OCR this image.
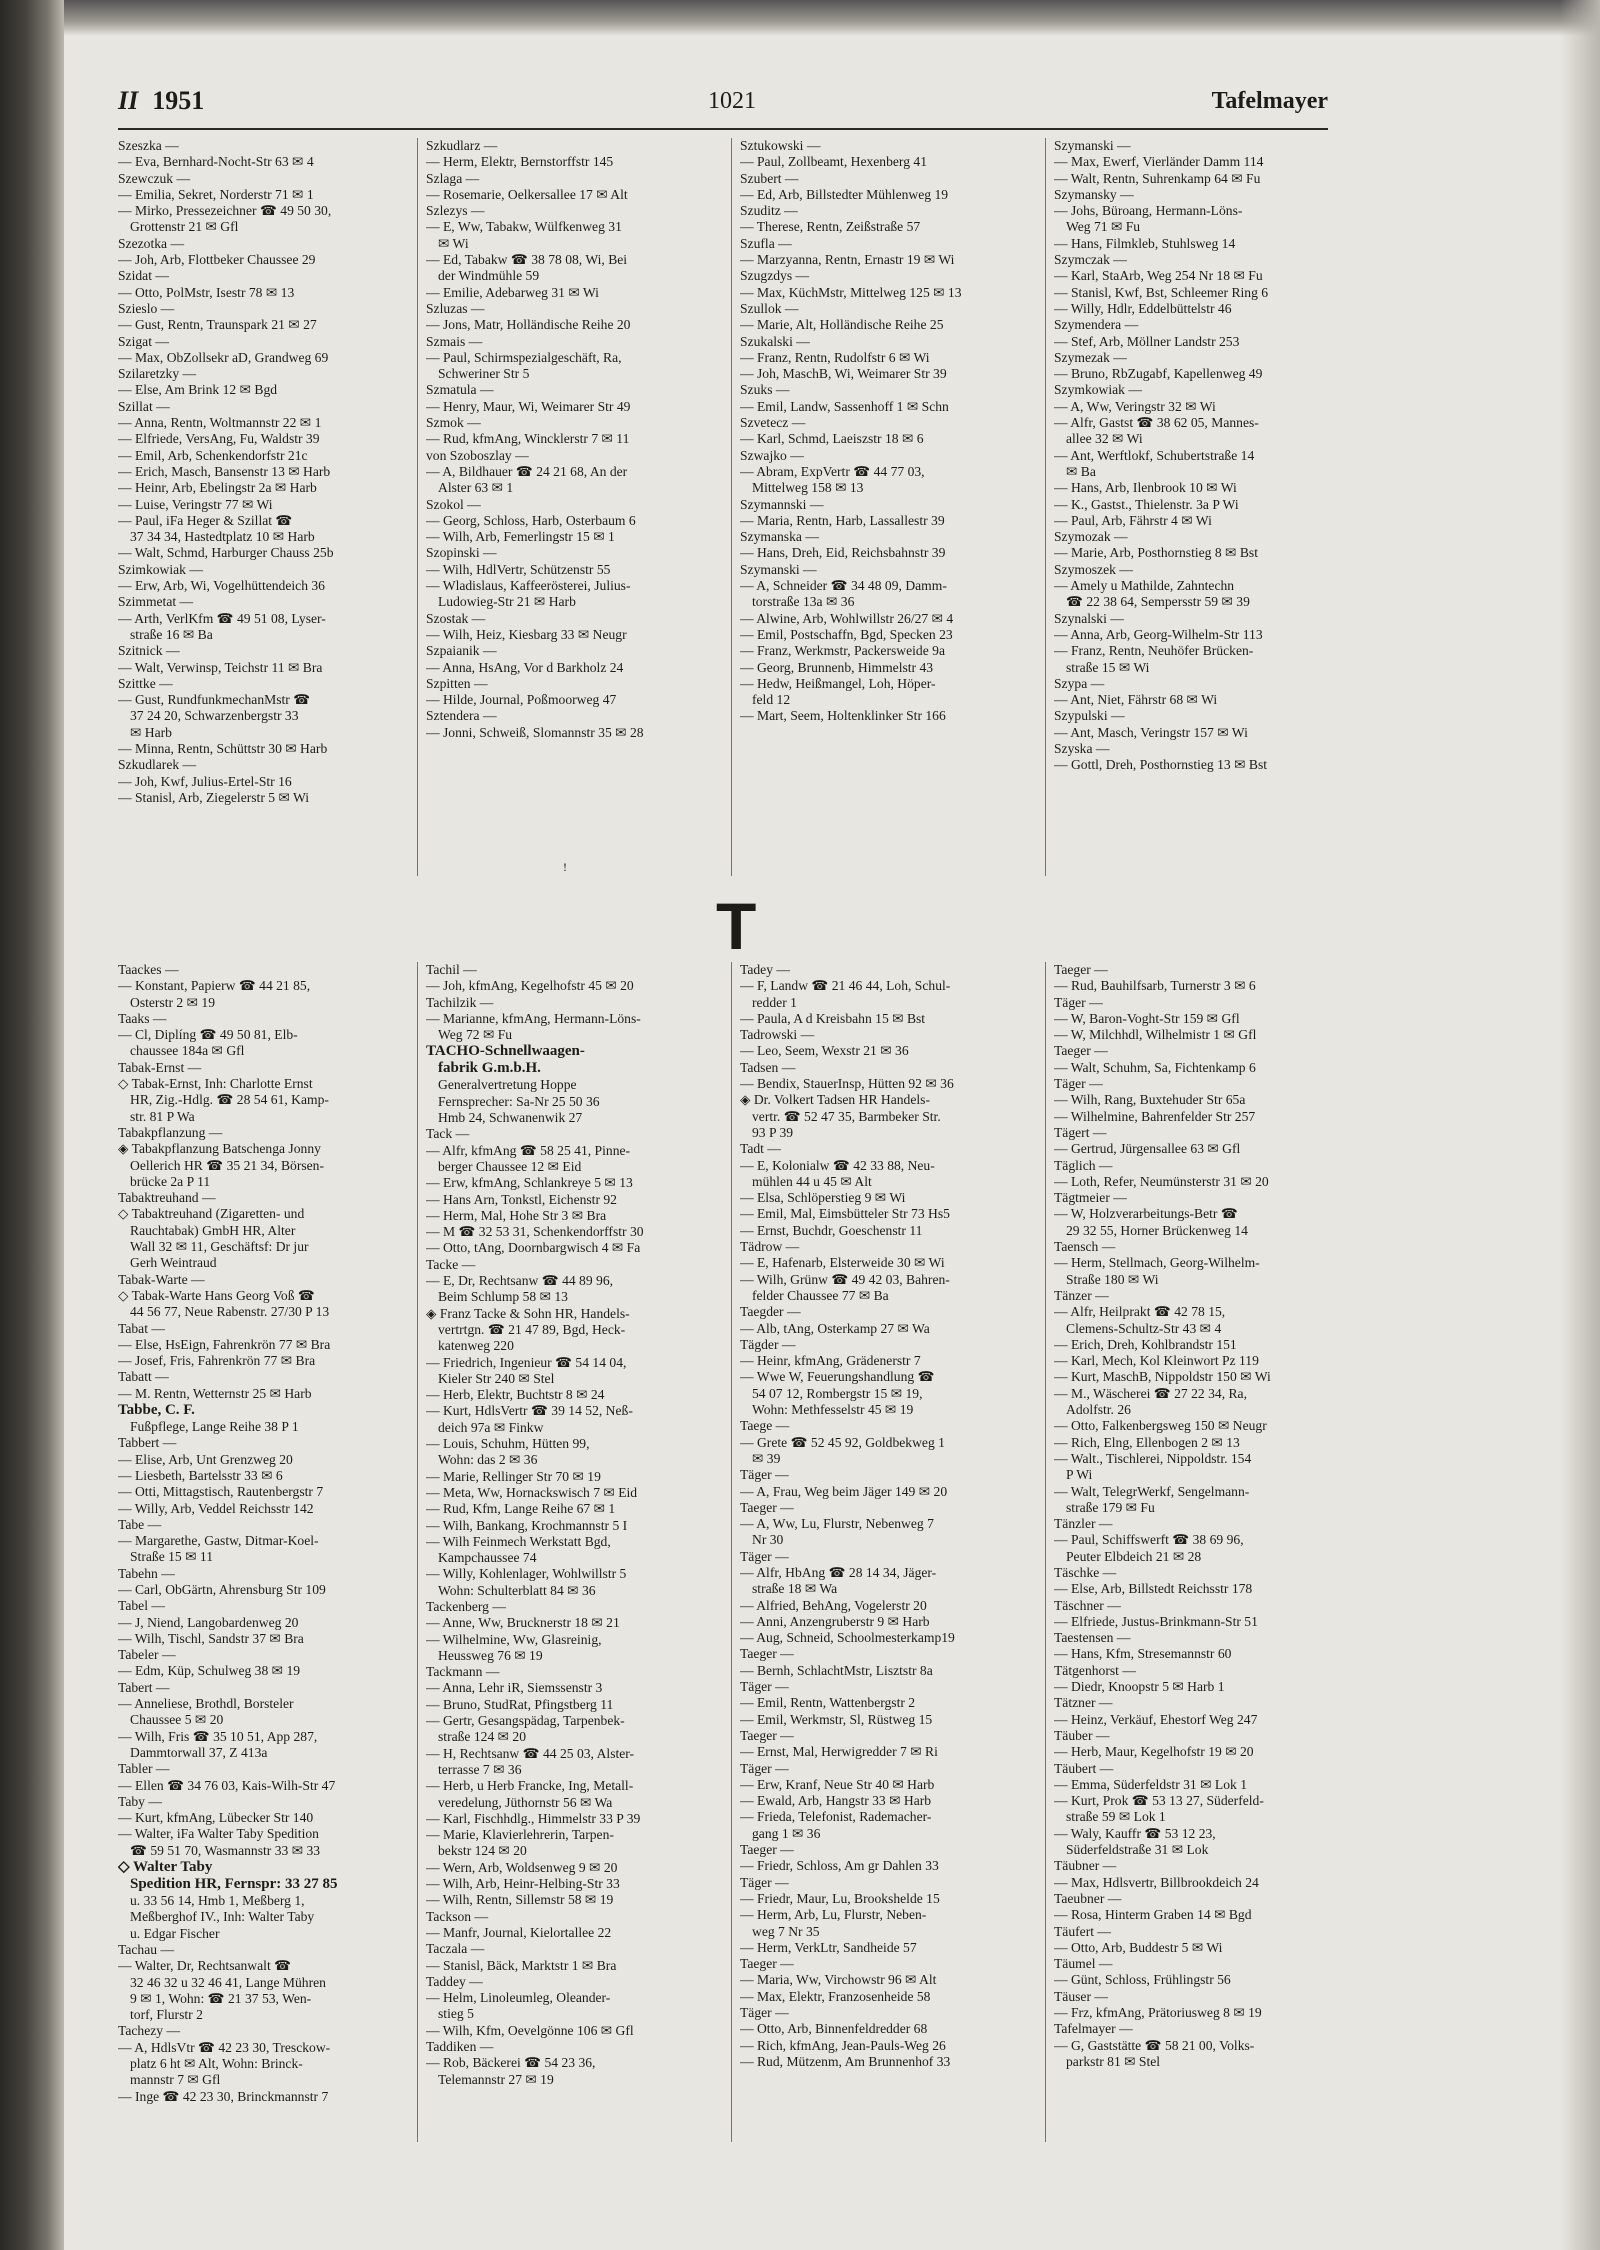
II 1951	1021	Tafelmayer
Szeszka —
— Eva, Bernhard-Nocht-Str 63 ✉ 4
Szewczuk —
— Emilia, Sekret, Norderstr 71 ✉ 1
— Mirko, Pressezeichner ☎ 49 50 30,
Grottenstr 21 ✉ Gfl
Szezotka —
— Joh, Arb, Flottbeker Chaussee 29
Szidat —
— Otto, PolMstr, Isestr 78 ✉ 13
Szieslo —
— Gust, Rentn, Traunspark 21 ✉ 27
Szigat —
— Max, ObZollsekr aD, Grandweg 69
Szilaretzky —
— Else, Am Brink 12 ✉ Bgd
Szillat —
— Anna, Rentn, Woltmannstr 22 ✉ 1
— Elfriede, VersAng, Fu, Waldstr 39
— Emil, Arb, Schenkendorfstr 21c
— Erich, Masch, Bansenstr 13 ✉ Harb
— Heinr, Arb, Ebelingstr 2a ✉ Harb
— Luise, Veringstr 77 ✉ Wi
— Paul, iFa Heger & Szillat ☎
37 34 34, Hastedtplatz 10 ✉ Harb
— Walt, Schmd, Harburger Chauss 25b
Szimkowiak —
— Erw, Arb, Wi, Vogelhüttendeich 36
Szimmetat —
— Arth, VerlKfm ☎ 49 51 08, Lyser-
straße 16 ✉ Ba
Szitnick —
— Walt, Verwinsp, Teichstr 11 ✉ Bra
Szittke —
— Gust, RundfunkmechanMstr ☎
37 24 20, Schwarzenbergstr 33
✉ Harb
— Minna, Rentn, Schüttstr 30 ✉ Harb
Szkudlarek —
— Joh, Kwf, Julius-Ertel-Str 16
— Stanisl, Arb, Ziegelerstr 5 ✉ Wi
Szkudlarz —
— Herm, Elektr, Bernstorffstr 145
Szlaga —
— Rosemarie, Oelkersallee 17 ✉ Alt
Szlezys —
— E, Ww, Tabakw, Wülfkenweg 31
✉ Wi
— Ed, Tabakw ☎ 38 78 08, Wi, Bei
der Windmühle 59
— Emilie, Adebarweg 31 ✉ Wi
Szluzas —
— Jons, Matr, Holländische Reihe 20
Szmais —
— Paul, Schirmspezialgeschäft, Ra,
Schweriner Str 5
Szmatula —
— Henry, Maur, Wi, Weimarer Str 49
Szmok —
— Rud, kfmAng, Wincklerstr 7 ✉ 11
von Szoboszlay —
— A, Bildhauer ☎ 24 21 68, An der
Alster 63 ✉ 1
Szokol —
— Georg, Schloss, Harb, Osterbaum 6
— Wilh, Arb, Femerlingstr 15 ✉ 1
Szopinski —
— Wilh, HdlVertr, Schützenstr 55
— Wladislaus, Kaffeerösterei, Julius-
Ludowieg-Str 21 ✉ Harb
Szostak —
— Wilh, Heiz, Kiesbarg 33 ✉ Neugr
Szpaianik —
— Anna, HsAng, Vor d Barkholz 24
Szpitten —
— Hilde, Journal, Poßmoorweg 47
Sztendera —
— Jonni, Schweiß, Slomannstr 35 ✉ 28
Sztukowski —
— Paul, Zollbeamt, Hexenberg 41
Szubert —
— Ed, Arb, Billstedter Mühlenweg 19
Szuditz —
— Therese, Rentn, Zeißstraße 57
Szufla —
— Marzyanna, Rentn, Ernastr 19 ✉ Wi
Szugzdys —
— Max, KüchMstr, Mittelweg 125 ✉ 13
Szullok —
— Marie, Alt, Holländische Reihe 25
Szukalski —
— Franz, Rentn, Rudolfstr 6 ✉ Wi
— Joh, MaschB, Wi, Weimarer Str 39
Szuks —
— Emil, Landw, Sassenhoff 1 ✉ Schn
Szvetecz —
— Karl, Schmd, Laeiszstr 18 ✉ 6
Szwajko —
— Abram, ExpVertr ☎ 44 77 03,
Mittelweg 158 ✉ 13
Szymannski —
— Maria, Rentn, Harb, Lassallestr 39
Szymanska —
— Hans, Dreh, Eid, Reichsbahnstr 39
Szymanski —
— A, Schneider ☎ 34 48 09, Damm-
torstraße 13a ✉ 36
— Alwine, Arb, Wohlwillstr 26/27 ✉ 4
— Emil, Postschaffn, Bgd, Specken 23
— Franz, Werkmstr, Packersweide 9a
— Georg, Brunnenb, Himmelstr 43
— Hedw, Heißmangel, Loh, Höper-
feld 12
— Mart, Seem, Holtenklinker Str 166
Szymanski —
— Max, Ewerf, Vierländer Damm 114
— Walt, Rentn, Suhrenkamp 64 ✉ Fu
Szymansky —
— Johs, Büroang, Hermann-Löns-
Weg 71 ✉ Fu
— Hans, Filmkleb, Stuhlsweg 14
Szymczak —
— Karl, StaArb, Weg 254 Nr 18 ✉ Fu
— Stanisl, Kwf, Bst, Schleemer Ring 6
— Willy, Hdlr, Eddelbüttelstr 46
Szymendera —
— Stef, Arb, Möllner Landstr 253
Szymezak —
— Bruno, RbZugabf, Kapellenweg 49
Szymkowiak —
— A, Ww, Veringstr 32 ✉ Wi
— Alfr, Gastst ☎ 38 62 05, Mannes-
allee 32 ✉ Wi
— Ant, Werftlokf, Schubertstraße 14
✉ Ba
— Hans, Arb, Ilenbrook 10 ✉ Wi
— K., Gastst., Thielenstr. 3a P Wi
— Paul, Arb, Fährstr 4 ✉ Wi
Szymozak —
— Marie, Arb, Posthornstieg 8 ✉ Bst
Szymoszek —
— Amely u Mathilde, Zahntechn
☎ 22 38 64, Sempersstr 59 ✉ 39
Szynalski —
— Anna, Arb, Georg-Wilhelm-Str 113
— Franz, Rentn, Neuhöfer Brücken-
straße 15 ✉ Wi
Szypa —
— Ant, Niet, Fährstr 68 ✉ Wi
Szypulski —
— Ant, Masch, Veringstr 157 ✉ Wi
Szyska —
— Gottl, Dreh, Posthornstieg 13 ✉ Bst
!
T
Taackes —
— Konstant, Papierw ☎ 44 21 85,
Osterstr 2 ✉ 19
Taaks —
— Cl, Diplíng ☎ 49 50 81, Elb-
chaussee 184a ✉ Gfl
Tabak-Ernst —
◇ Tabak-Ernst, Inh: Charlotte Ernst
HR, Zig.-Hdlg. ☎ 28 54 61, Kamp-
str. 81 P Wa
Tabakpflanzung —
◈ Tabakpflanzung Batschenga Jonny
Oellerich HR ☎ 35 21 34, Börsen-
brücke 2a P 11
Tabaktreuhand —
◇ Tabaktreuhand (Zigaretten- und
Rauchtabak) GmbH HR, Alter
Wall 32 ✉ 11, Geschäftsf: Dr jur
Gerh Weintraud
Tabak-Warte —
◇ Tabak-Warte Hans Georg Voß ☎
44 56 77, Neue Rabenstr. 27/30 P 13
Tabat —
— Else, HsEign, Fahrenkrön 77 ✉ Bra
— Josef, Fris, Fahrenkrön 77 ✉ Bra
Tabatt —
— M. Rentn, Wetternstr 25 ✉ Harb
Tabbe, C. F.
Fußpflege, Lange Reihe 38 P 1
Tabbert —
— Elise, Arb, Unt Grenzweg 20
— Liesbeth, Bartelsstr 33 ✉ 6
— Otti, Mittagstisch, Rautenbergstr 7
— Willy, Arb, Veddel Reichsstr 142
Tabe —
— Margarethe, Gastw, Ditmar-Koel-
Straße 15 ✉ 11
Tabehn —
— Carl, ObGärtn, Ahrensburg Str 109
Tabel —
— J, Niend, Langobardenweg 20
— Wilh, Tischl, Sandstr 37 ✉ Bra
Tabeler —
— Edm, Küp, Schulweg 38 ✉ 19
Tabert —
— Anneliese, Brothdl, Borsteler
Chaussee 5 ✉ 20
— Wilh, Fris ☎ 35 10 51, App 287,
Dammtorwall 37, Z 413a
Tabler —
— Ellen ☎ 34 76 03, Kais-Wilh-Str 47
Taby —
— Kurt, kfmAng, Lübecker Str 140
— Walter, iFa Walter Taby Spedition
☎ 59 51 70, Wasmannstr 33 ✉ 33
◇ Walter Taby
Spedition HR, Fernspr: 33 27 85
u. 33 56 14, Hmb 1, Meßberg 1,
Meßberghof IV., Inh: Walter Taby
u. Edgar Fischer
Tachau —
— Walter, Dr, Rechtsanwalt ☎
32 46 32 u 32 46 41, Lange Mühren
9 ✉ 1, Wohn: ☎ 21 37 53, Wen-
torf, Flurstr 2
Tachezy —
— A, HdlsVtr ☎ 42 23 30, Tresckow-
platz 6 ht ✉ Alt, Wohn: Brinck-
mannstr 7 ✉ Gfl
— Inge ☎ 42 23 30, Brinckmannstr 7
Tachil —
— Joh, kfmAng, Kegelhofstr 45 ✉ 20
Tachilzik —
— Marianne, kfmAng, Hermann-Löns-
Weg 72 ✉ Fu
TACHO-Schnellwaagen-
fabrik G.m.b.H.
Generalvertretung Hoppe
Fernsprecher: Sa-Nr 25 50 36
Hmb 24, Schwanenwik 27
Tack —
— Alfr, kfmAng ☎ 58 25 41, Pinne-
berger Chaussee 12 ✉ Eid
— Erw, kfmAng, Schlankreye 5 ✉ 13
— Hans Arn, Tonkstl, Eichenstr 92
— Herm, Mal, Hohe Str 3 ✉ Bra
— M ☎ 32 53 31, Schenkendorffstr 30
— Otto, tAng, Doornbargwisch 4 ✉ Fa
Tacke —
— E, Dr, Rechtsanw ☎ 44 89 96,
Beim Schlump 58 ✉ 13
◈ Franz Tacke & Sohn HR, Handels-
vertrtgn. ☎ 21 47 89, Bgd, Heck-
katenweg 220
— Friedrich, Ingenieur ☎ 54 14 04,
Kieler Str 240 ✉ Stel
— Herb, Elektr, Buchtstr 8 ✉ 24
— Kurt, HdlsVertr ☎ 39 14 52, Neß-
deich 97a ✉ Finkw
— Louis, Schuhm, Hütten 99,
Wohn: das 2 ✉ 36
— Marie, Rellinger Str 70 ✉ 19
— Meta, Ww, Hornackswisch 7 ✉ Eid
— Rud, Kfm, Lange Reihe 67 ✉ 1
— Wilh, Bankang, Krochmannstr 5 I
— Wilh Feinmech Werkstatt Bgd,
Kampchaussee 74
— Willy, Kohlenlager, Wohlwillstr 5
Wohn: Schulterblatt 84 ✉ 36
Tackenberg —
— Anne, Ww, Brucknerstr 18 ✉ 21
— Wilhelmine, Ww, Glasreinig,
Heussweg 76 ✉ 19
Tackmann —
— Anna, Lehr iR, Siemssenstr 3
— Bruno, StudRat, Pfingstberg 11
— Gertr, Gesangspädag, Tarpenbek-
straße 124 ✉ 20
— H, Rechtsanw ☎ 44 25 03, Alster-
terrasse 7 ✉ 36
— Herb, u Herb Francke, Ing, Metall-
veredelung, Jüthornstr 56 ✉ Wa
— Karl, Fischhdlg., Himmelstr 33 P 39
— Marie, Klavierlehrerin, Tarpen-
bekstr 124 ✉ 20
— Wern, Arb, Woldsenweg 9 ✉ 20
— Wilh, Arb, Heinr-Helbing-Str 33
— Wilh, Rentn, Sillemstr 58 ✉ 19
Tackson —
— Manfr, Journal, Kielortallee 22
Taczala —
— Stanisl, Bäck, Marktstr 1 ✉ Bra
Taddey —
— Helm, Linoleumleg, Oleander-
stieg 5
— Wilh, Kfm, Oevelgönne 106 ✉ Gfl
Taddiken —
— Rob, Bäckerei ☎ 54 23 36,
Telemannstr 27 ✉ 19
Tadey —
— F, Landw ☎ 21 46 44, Loh, Schul-
redder 1
— Paula, A d Kreisbahn 15 ✉ Bst
Tadrowski —
— Leo, Seem, Wexstr 21 ✉ 36
Tadsen —
— Bendix, StauerInsp, Hütten 92 ✉ 36
◈ Dr. Volkert Tadsen HR Handels-
vertr. ☎ 52 47 35, Barmbeker Str.
93 P 39
Tadt —
— E, Kolonialw ☎ 42 33 88, Neu-
mühlen 44 u 45 ✉ Alt
— Elsa, Schlöperstieg 9 ✉ Wi
— Emil, Mal, Eimsbütteler Str 73 Hs5
— Ernst, Buchdr, Goeschenstr 11
Tädrow —
— E, Hafenarb, Elsterweide 30 ✉ Wi
— Wilh, Grünw ☎ 49 42 03, Bahren-
felder Chaussee 77 ✉ Ba
Taegder —
— Alb, tAng, Osterkamp 27 ✉ Wa
Tägder —
— Heinr, kfmAng, Grädenerstr 7
— Wwe W, Feuerungshandlung ☎
54 07 12, Rombergstr 15 ✉ 19,
Wohn: Methfesselstr 45 ✉ 19
Taege —
— Grete ☎ 52 45 92, Goldbekweg 1
✉ 39
Täger —
— A, Frau, Weg beim Jäger 149 ✉ 20
Taeger —
— A, Ww, Lu, Flurstr, Nebenweg 7
Nr 30
Täger —
— Alfr, HbAng ☎ 28 14 34, Jäger-
straße 18 ✉ Wa
— Alfried, BehAng, Vogelerstr 20
— Anni, Anzengruberstr 9 ✉ Harb
— Aug, Schneid, Schoolmesterkamp19
Taeger —
— Bernh, SchlachtMstr, Lisztstr 8a
Täger —
— Emil, Rentn, Wattenbergstr 2
— Emil, Werkmstr, Sl, Rüstweg 15
Taeger —
— Ernst, Mal, Herwigredder 7 ✉ Ri
Täger —
— Erw, Kranf, Neue Str 40 ✉ Harb
— Ewald, Arb, Hangstr 33 ✉ Harb
— Frieda, Telefonist, Rademacher-
gang 1 ✉ 36
Taeger —
— Friedr, Schloss, Am gr Dahlen 33
Täger —
— Friedr, Maur, Lu, Brookshelde 15
— Herm, Arb, Lu, Flurstr, Neben-
weg 7 Nr 35
— Herm, VerkLtr, Sandheide 57
Taeger —
— Maria, Ww, Virchowstr 96 ✉ Alt
— Max, Elektr, Franzosenheide 58
Täger —
— Otto, Arb, Binnenfeldredder 68
— Rich, kfmAng, Jean-Pauls-Weg 26
— Rud, Mützenm, Am Brunnenhof 33
Taeger —
— Rud, Bauhilfsarb, Turnerstr 3 ✉ 6
Täger —
— W, Baron-Voght-Str 159 ✉ Gfl
— W, Milchhdl, Wilhelmistr 1 ✉ Gfl
Taeger —
— Walt, Schuhm, Sa, Fichtenkamp 6
Täger —
— Wilh, Rang, Buxtehuder Str 65a
— Wilhelmine, Bahrenfelder Str 257
Tägert —
— Gertrud, Jürgensallee 63 ✉ Gfl
Täglich —
— Loth, Refer, Neumünsterstr 31 ✉ 20
Tägtmeier —
— W, Holzverarbeitungs-Betr ☎
29 32 55, Horner Brückenweg 14
Taensch —
— Herm, Stellmach, Georg-Wilhelm-
Straße 180 ✉ Wi
Tänzer —
— Alfr, Heilprakt ☎ 42 78 15,
Clemens-Schultz-Str 43 ✉ 4
— Erich, Dreh, Kohlbrandstr 151
— Karl, Mech, Kol Kleinwort Pz 119
— Kurt, MaschB, Nippoldstr 150 ✉ Wi
— M., Wäscherei ☎ 27 22 34, Ra,
Adolfstr. 26
— Otto, Falkenbergsweg 150 ✉ Neugr
— Rich, Elng, Ellenbogen 2 ✉ 13
— Walt., Tischlerei, Nippoldstr. 154
P Wi
— Walt, TelegrWerkf, Sengelmann-
straße 179 ✉ Fu
Tänzler —
— Paul, Schiffswerft ☎ 38 69 96,
Peuter Elbdeich 21 ✉ 28
Täschke —
— Else, Arb, Billstedt Reichsstr 178
Täschner —
— Elfriede, Justus-Brinkmann-Str 51
Taestensen —
— Hans, Kfm, Stresemannstr 60
Tätgenhorst —
— Diedr, Knoopstr 5 ✉ Harb 1
Tätzner —
— Heinz, Verkäuf, Ehestorf Weg 247
Täuber —
— Herb, Maur, Kegelhofstr 19 ✉ 20
Täubert —
— Emma, Süderfeldstr 31 ✉ Lok 1
— Kurt, Prok ☎ 53 13 27, Süderfeld-
straße 59 ✉ Lok 1
— Waly, Kauffr ☎ 53 12 23,
Süderfeldstraße 31 ✉ Lok
Täubner —
— Max, Hdlsvertr, Billbrookdeich 24
Taeubner —
— Rosa, Hinterm Graben 14 ✉ Bgd
Täufert —
— Otto, Arb, Buddestr 5 ✉ Wi
Täumel —
— Günt, Schloss, Frühlingstr 56
Täuser —
— Frz, kfmAng, Prätoriusweg 8 ✉ 19
Tafelmayer —
— G, Gaststätte ☎ 58 21 00, Volks-
parkstr 81 ✉ Stel
